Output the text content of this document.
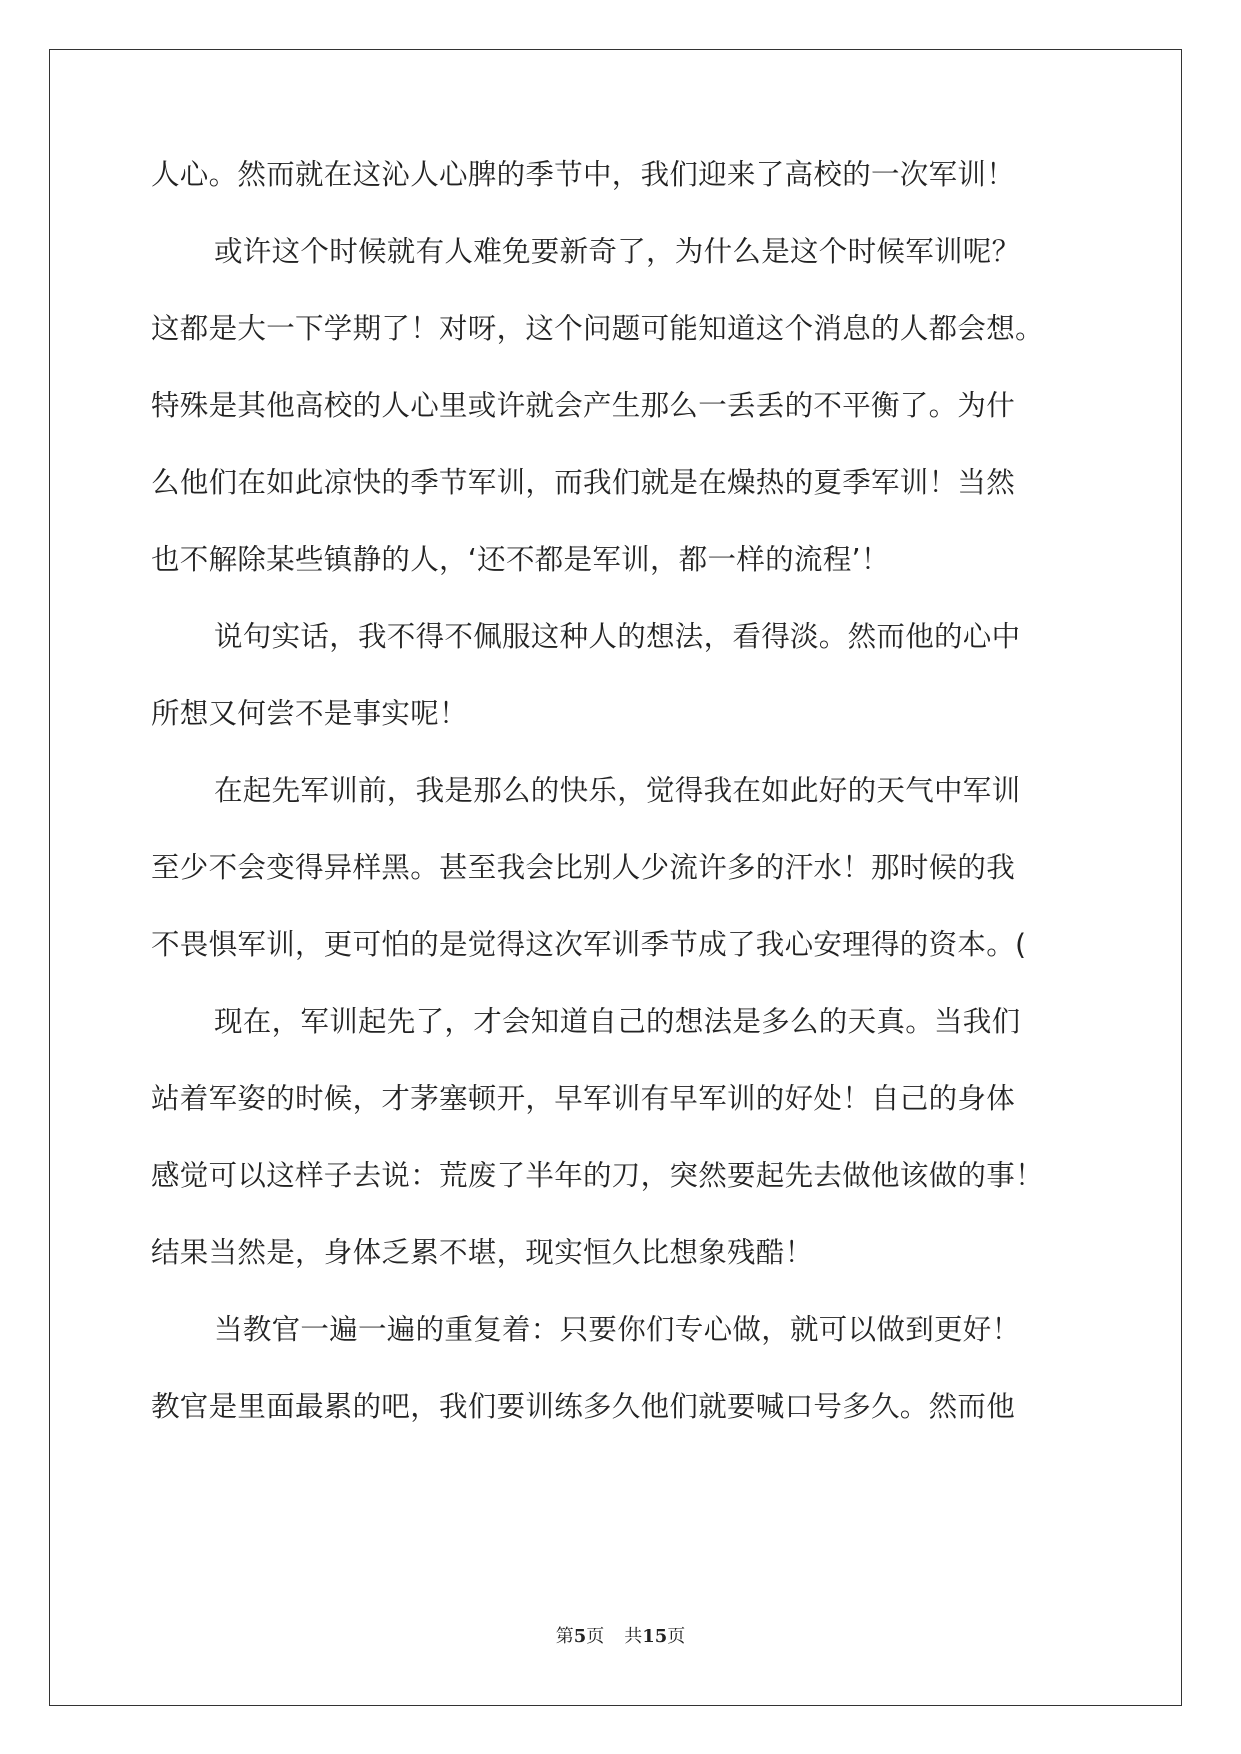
人心。然而就在这沁人心脾的季节中，我们迎来了高校的一次军训！
或许这个时候就有人难免要新奇了，为什么是这个时候军训呢？
这都是大一下学期了！对呀，这个问题可能知道这个消息的人都会想。
特殊是其他高校的人心里或许就会产生那么一丢丢的不平衡了。为什
么他们在如此凉快的季节军训，而我们就是在燥热的夏季军训！当然
也不解除某些镇静的人，‘还不都是军训，都一样的流程’！
说句实话，我不得不佩服这种人的想法，看得淡。然而他的心中
所想又何尝不是事实呢！
在起先军训前，我是那么的快乐，觉得我在如此好的天气中军训
至少不会变得异样黑。甚至我会比别人少流许多的汗水！那时候的我
不畏惧军训，更可怕的是觉得这次军训季节成了我心安理得的资本。(
现在，军训起先了，才会知道自己的想法是多么的天真。当我们
站着军姿的时候，才茅塞顿开，早军训有早军训的好处！自己的身体
感觉可以这样子去说：荒废了半年的刀，突然要起先去做他该做的事！
结果当然是，身体乏累不堪，现实恒久比想象残酷！
当教官一遍一遍的重复着：只要你们专心做，就可以做到更好！
教官是里面最累的吧，我们要训练多久他们就要喊口号多久。然而他
第5页 共15页
